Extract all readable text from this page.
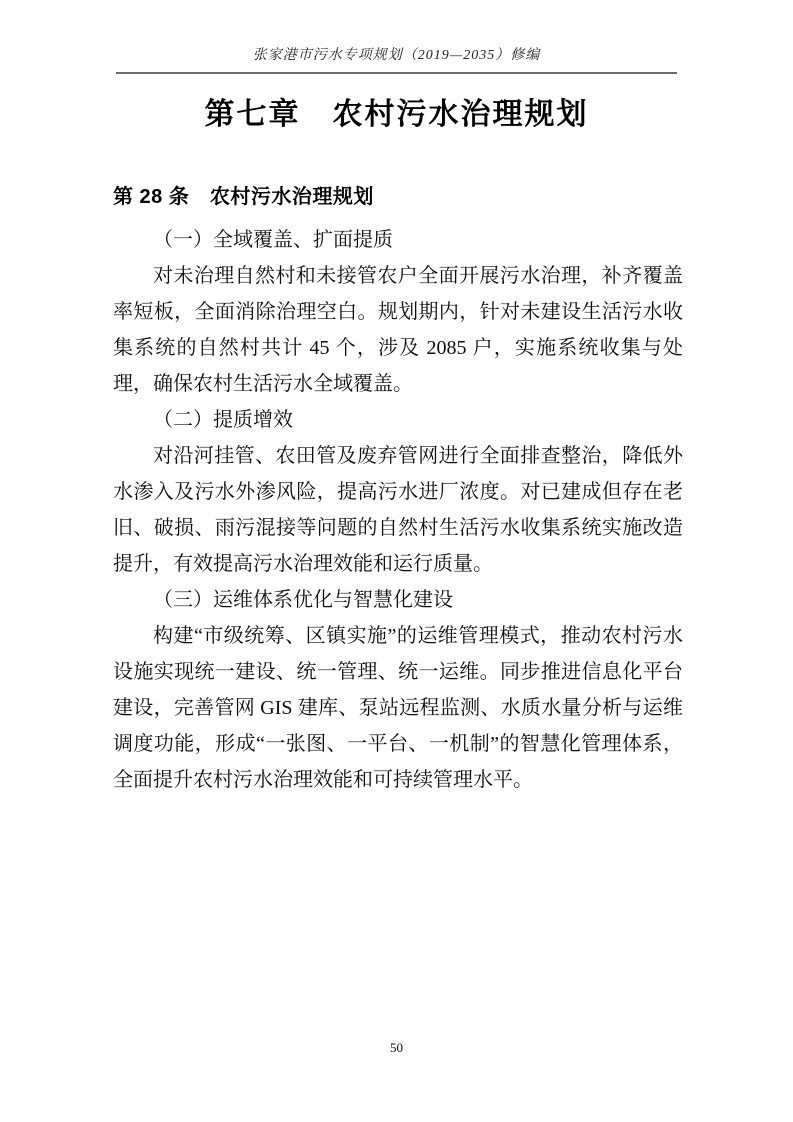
张家港市污水专项规划（2019—2035）修编
第七章　农村污水治理规划
第 28 条　农村污水治理规划

（一）全域覆盖、扩面提质

对未治理自然村和未接管农户全面开展污水治理，补齐覆盖率短板，全面消除治理空白。规划期内，针对未建设生活污水收集系统的自然村共计 45 个，涉及 2085 户，实施系统收集与处理，确保农村生活污水全域覆盖。

（二）提质增效

对沿河挂管、农田管及废弃管网进行全面排查整治，降低外水渗入及污水外渗风险，提高污水进厂浓度。对已建成但存在老旧、破损、雨污混接等问题的自然村生活污水收集系统实施改造提升，有效提高污水治理效能和运行质量。

（三）运维体系优化与智慧化建设

构建“市级统筹、区镇实施”的运维管理模式，推动农村污水设施实现统一建设、统一管理、统一运维。同步推进信息化平台建设，完善管网 GIS 建库、泵站远程监测、水质水量分析与运维调度功能，形成“一张图、一平台、一机制”的智慧化管理体系，全面提升农村污水治理效能和可持续管理水平。

50
